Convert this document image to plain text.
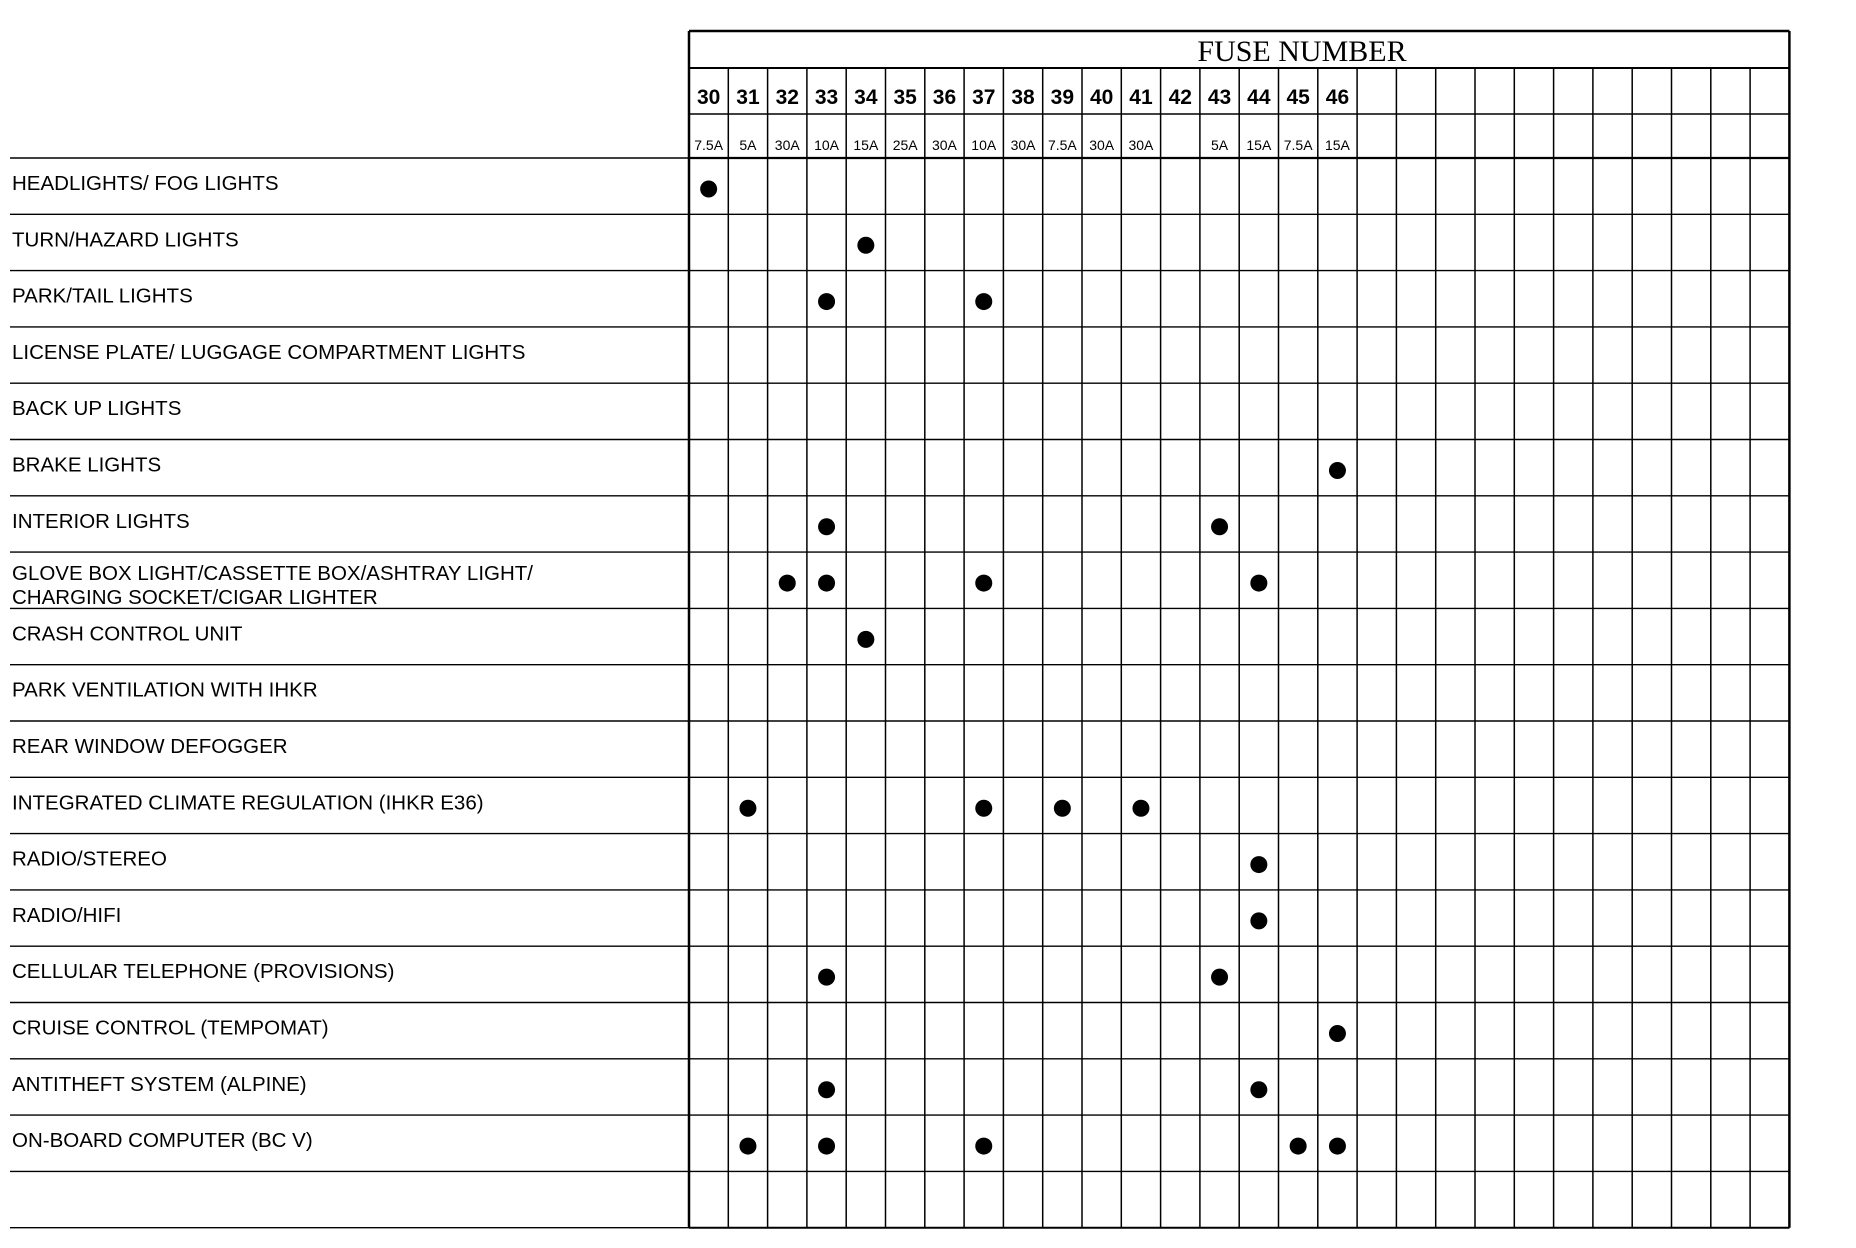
30
7.5A
31
5A
32
30A
33
10A
34
15A
35
25A
36
30A
37
10A
38
30A
39
7.5A
40
30A
41
30A
42 43
5A
44
15A
45
7.5A
46
15A
HEADLIGHTS/ FOG LIGHTS
TURN/HAZARD LIGHTS
PARK/TAIL LIGHTS
LICENSE PLATE/ LUGGAGE COMPARTMENT LIGHTS
BACK UP LIGHTS
BRAKE LIGHTS
INTERIOR LIGHTS
GLOVE BOX LIGHT/CASSETTE BOX/ASHTRAY LIGHT/ CHARGING SOCKET/CIGAR LIGHTER
CRASH CONTROL UNIT
PARK VENTILATION WITH IHKR
REAR WINDOW DEFOGGER
INTEGRATED CLIMATE REGULATION (IHKR E36)
RADIO/STEREO
RADIO/HIFI
CELLULAR TELEPHONE (PROVISIONS)
CRUISE CONTROL (TEMPOMAT)
ANTITHEFT SYSTEM (ALPINE)
ON-BOARD COMPUTER (BC V)
FUSE NUMBER
